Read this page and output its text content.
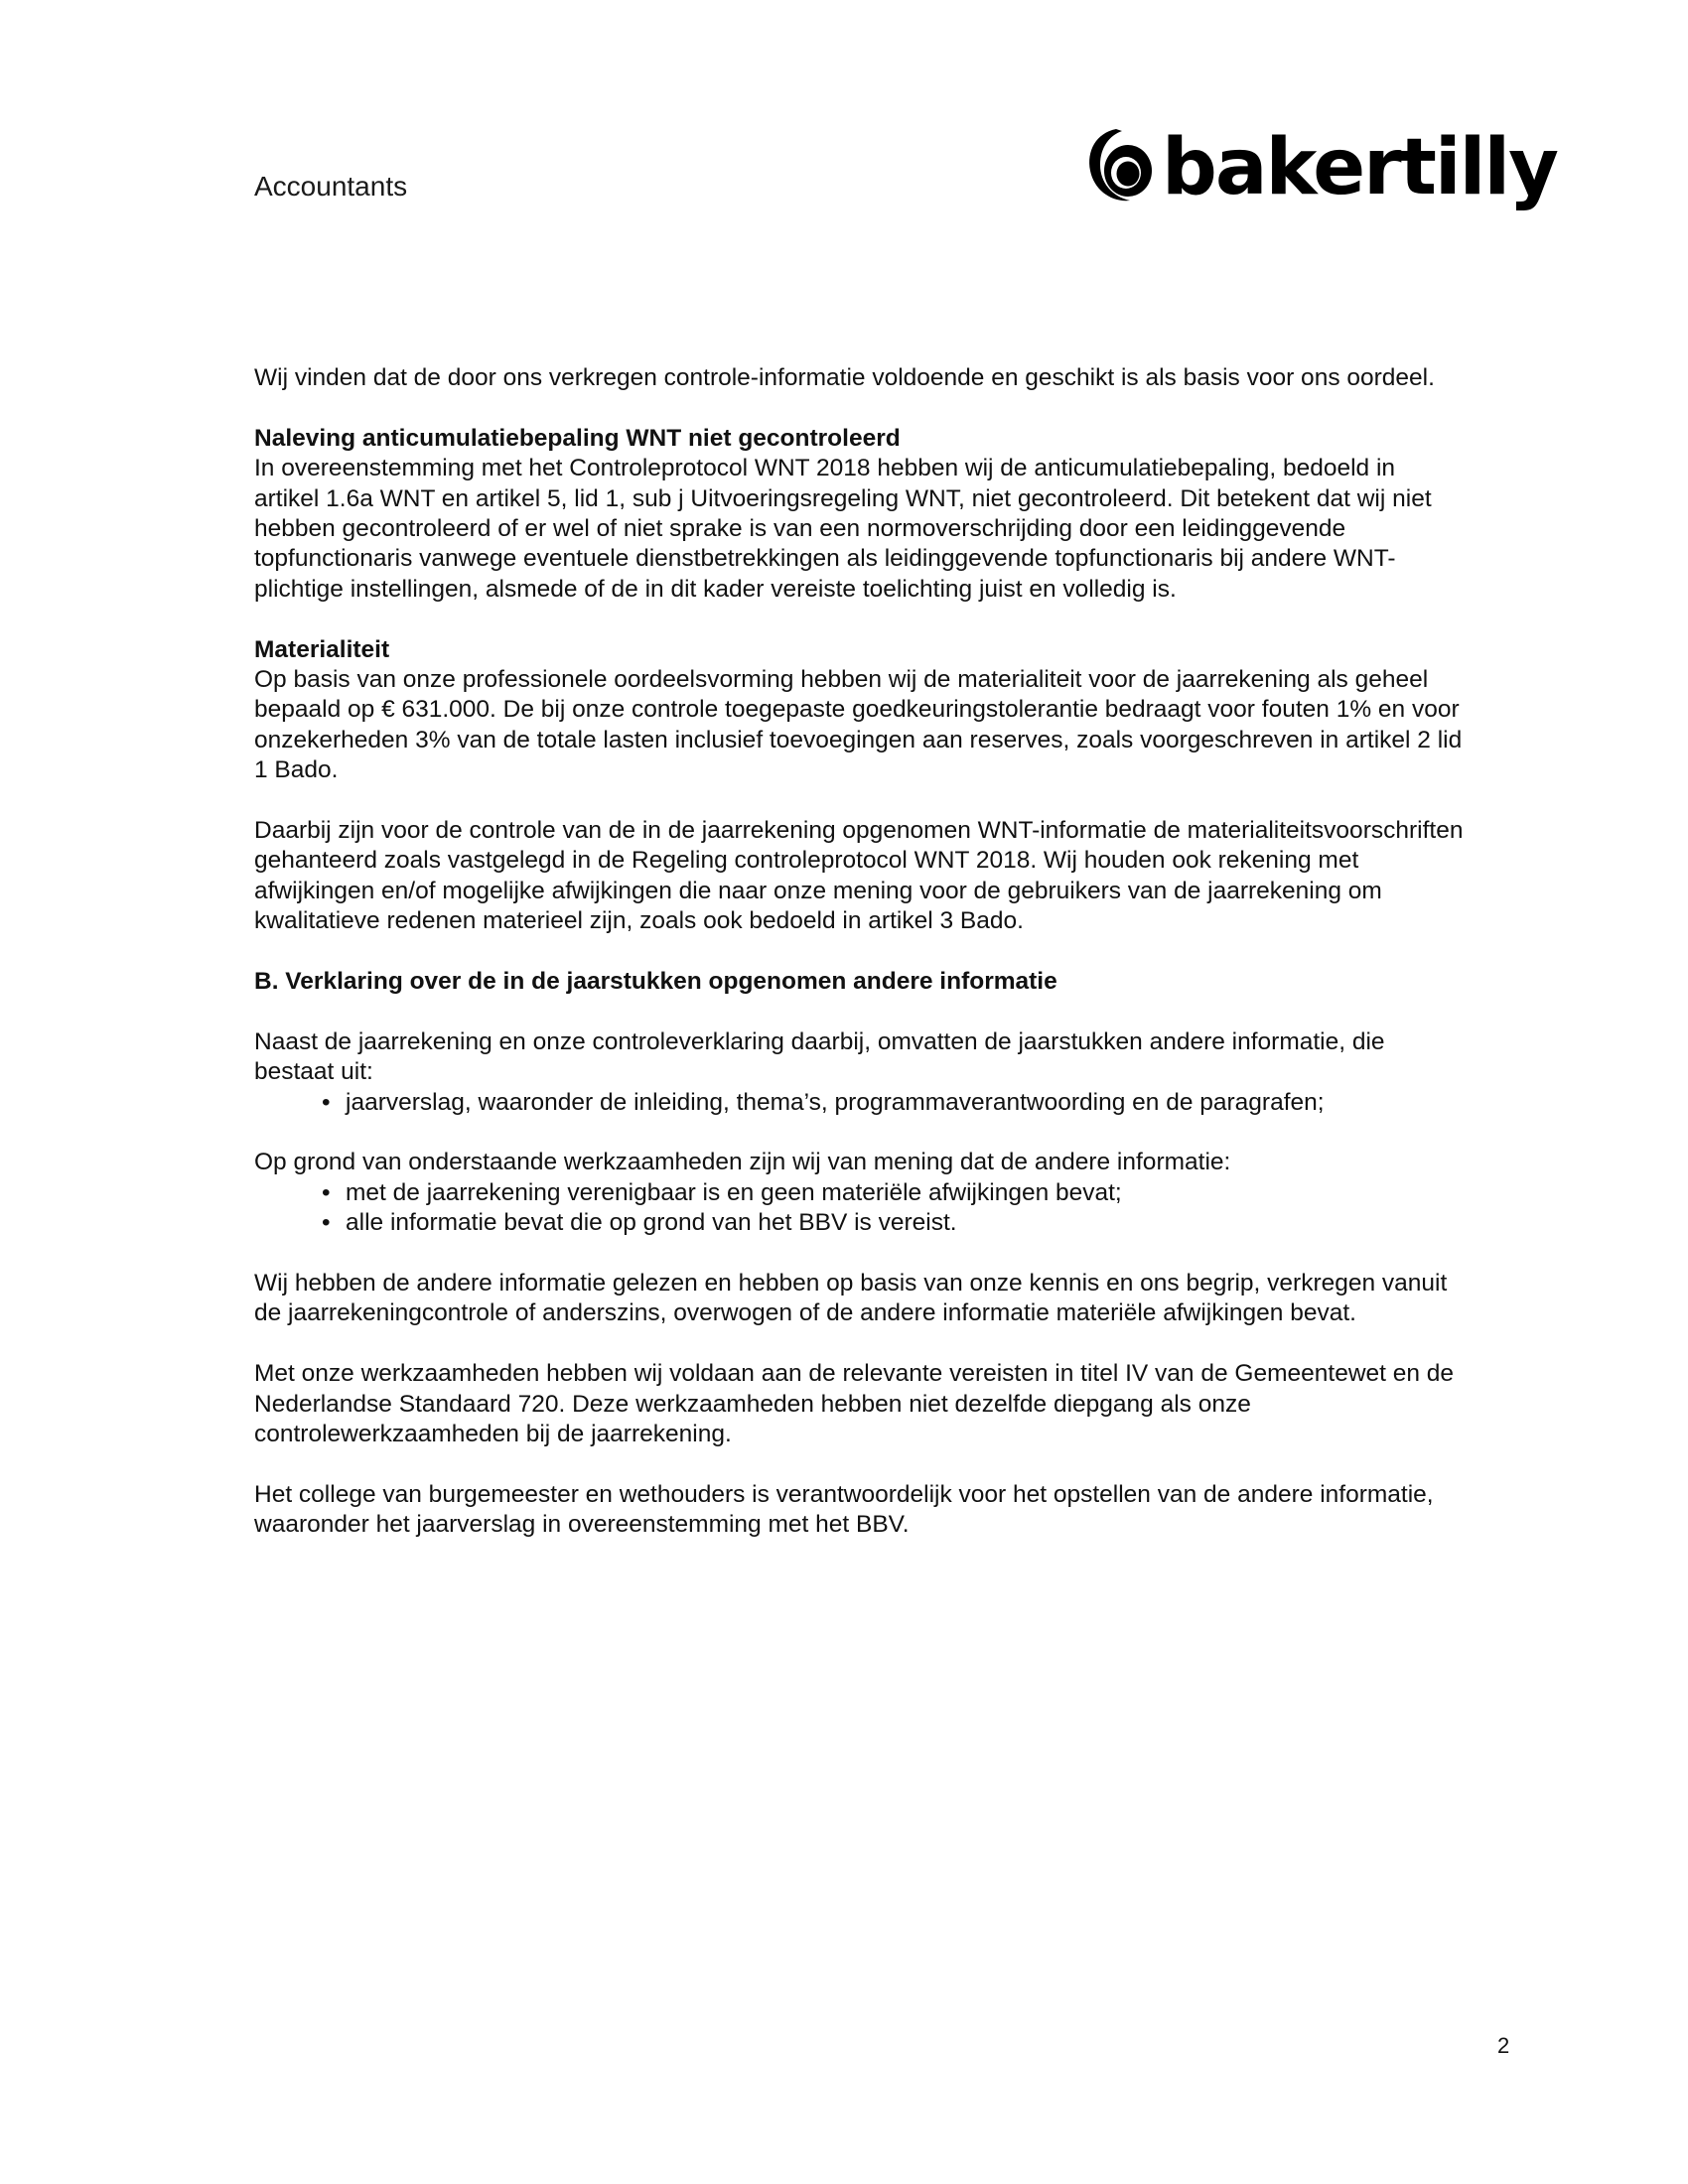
Accountants	bakertilly

Wij vinden dat de door ons verkregen controle-informatie voldoende en geschikt is als basis voor ons oordeel.

Naleving anticumulatiebepaling WNT niet gecontroleerd

In overeenstemming met het Controleprotocol WNT 2018 hebben wij de anticumulatiebepaling, bedoeld in artikel 1.6a WNT en artikel 5, lid 1, sub j Uitvoeringsregeling WNT, niet gecontroleerd. Dit betekent dat wij niet hebben gecontroleerd of er wel of niet sprake is van een normoverschrijding door een leidinggevende topfunctionaris vanwege eventuele dienstbetrekkingen als leidinggevende topfunctionaris bij andere WNT-plichtige instellingen, alsmede of de in dit kader vereiste toelichting juist en volledig is.

Materialiteit

Op basis van onze professionele oordeelsvorming hebben wij de materialiteit voor de jaarrekening als geheel bepaald op € 631.000. De bij onze controle toegepaste goedkeuringstolerantie bedraagt voor fouten 1% en voor onzekerheden 3% van de totale lasten inclusief toevoegingen aan reserves, zoals voorgeschreven in artikel 2 lid 1 Bado.

Daarbij zijn voor de controle van de in de jaarrekening opgenomen WNT-informatie de materialiteitsvoorschriften gehanteerd zoals vastgelegd in de Regeling controleprotocol WNT 2018. Wij houden ook rekening met afwijkingen en/of mogelijke afwijkingen die naar onze mening voor de gebruikers van de jaarrekening om kwalitatieve redenen materieel zijn, zoals ook bedoeld in artikel 3 Bado.

B. Verklaring over de in de jaarstukken opgenomen andere informatie

Naast de jaarrekening en onze controleverklaring daarbij, omvatten de jaarstukken andere informatie, die bestaat uit:

• jaarverslag, waaronder de inleiding, thema’s, programmaverantwoording en de paragrafen;

Op grond van onderstaande werkzaamheden zijn wij van mening dat de andere informatie:

• met de jaarrekening verenigbaar is en geen materiële afwijkingen bevat;
• alle informatie bevat die op grond van het BBV is vereist.

Wij hebben de andere informatie gelezen en hebben op basis van onze kennis en ons begrip, verkregen vanuit de jaarrekeningcontrole of anderszins, overwogen of de andere informatie materiële afwijkingen bevat.

Met onze werkzaamheden hebben wij voldaan aan de relevante vereisten in titel IV van de Gemeentewet en de Nederlandse Standaard 720. Deze werkzaamheden hebben niet dezelfde diepgang als onze controlewerkzaamheden bij de jaarrekening.

Het college van burgemeester en wethouders is verantwoordelijk voor het opstellen van de andere informatie, waaronder het jaarverslag in overeenstemming met het BBV.

2
